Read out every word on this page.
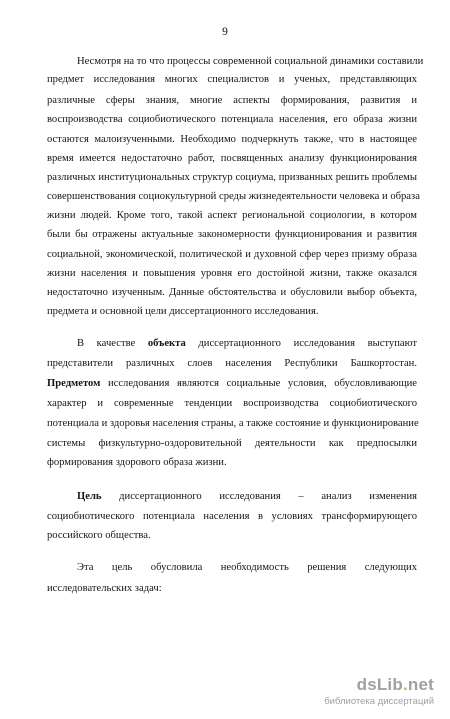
9
Несмотря на то что процессы современной социальной динамики составили
предмет исследования многих специалистов и ученых, представляющих
различные сферы знания, многие аспекты формирования, развития и
воспроизводства социобиотического потенциала населения, его образа жизни
остаются малоизученными. Необходимо подчеркнуть также, что в настоящее
время имеется недостаточно работ, посвященных анализу функционирования
различных институциональных структур социума, призванных решить проблемы
совершенствования социокультурной среды жизнедеятельности человека и образа
жизни людей. Кроме того, такой аспект региональной социологии, в котором
были бы отражены актуальные закономерности функционирования и развития
социальной, экономической, политической и духовной сфер через призму образа
жизни населения и повышения уровня его достойной жизни, также оказался
недостаточно изученным. Данные обстоятельства и обусловили выбор объекта,
предмета и основной цели диссертационного исследования.
В качестве объекта диссертационного исследования выступают
представители различных слоев населения Республики Башкортостан.
Предметом исследования являются социальные условия, обусловливающие
характер и современные тенденции воспроизводства социобиотического
потенциала и здоровья населения страны, а также состояние и функционирование
системы физкультурно-оздоровительной деятельности как предпосылки
формирования здорового образа жизни.
Цель диссертационного исследования – анализ изменения
социобиотического потенциала населения в условиях трансформирующего
российского общества.
Эта цель обусловила необходимость решения следующих
исследовательских задач:
dsLib.net
библиотека диссертаций
